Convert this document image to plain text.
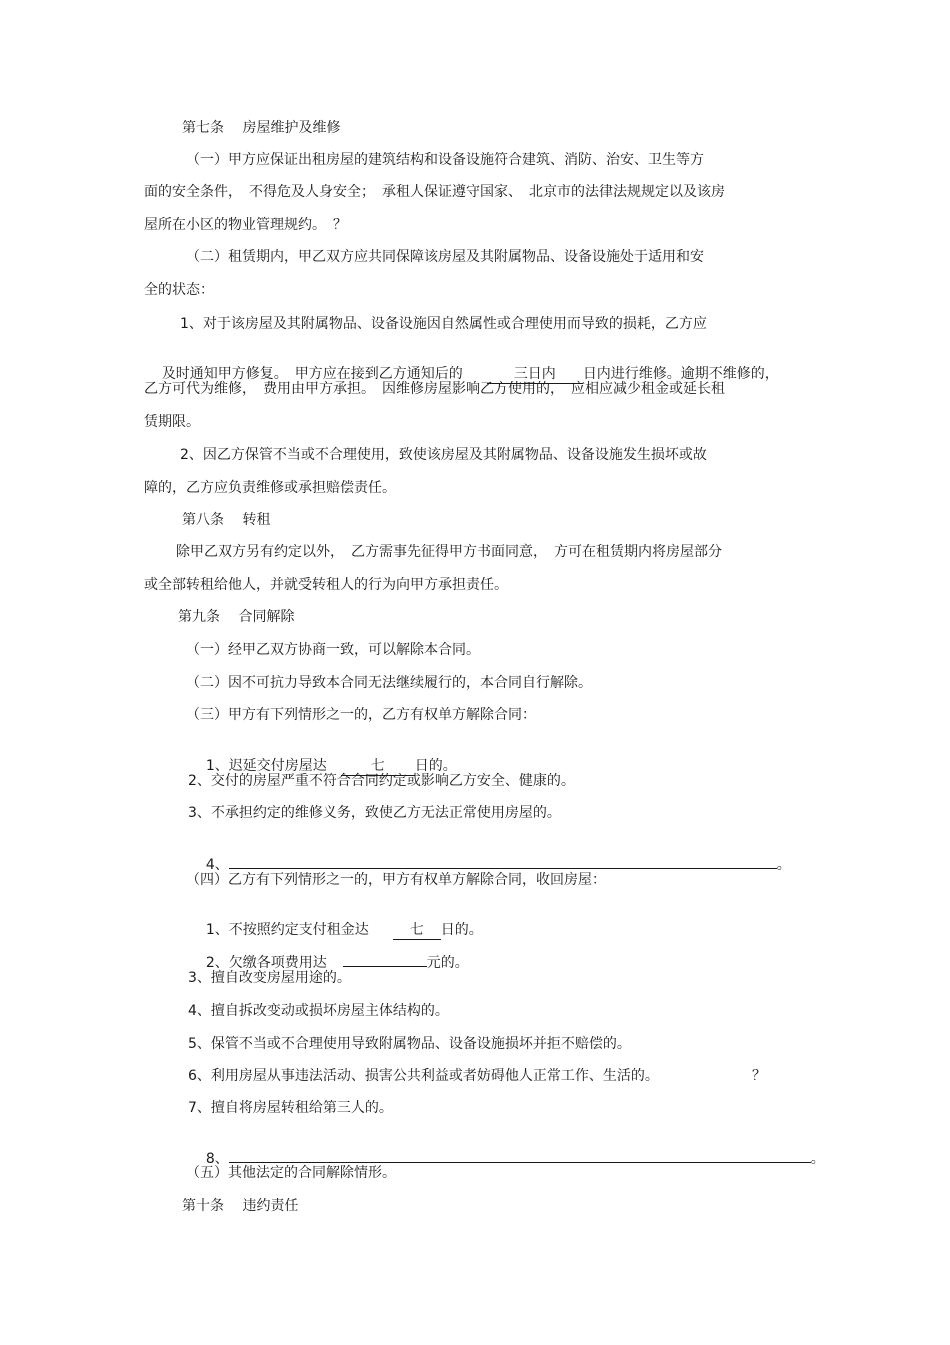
第七条　 房屋维护及维修
（一）甲方应保证出租房屋的建筑结构和设备设施符合建筑、消防、治安、卫生等方
面的安全条件，　不得危及人身安全；　承租人保证遵守国家、　北京市的法律法规规定以及该房
屋所在小区的物业管理规约。　？
（二）租赁期内，甲乙双方应共同保障该房屋及其附属物品、设备设施处于适用和安
全的状态：
1、对于该房屋及其附属物品、设备设施因自然属性或合理使用而导致的损耗，乙方应

及时通知甲方修复。　甲方应在接到乙方通知后的	三日内 日内进行维修。逾期不维修的，

乙方可代为维修，　费用由甲方承担。　因维修房屋影响乙方使用的，　应相应减少租金或延长租
赁期限。
2、因乙方保管不当或不合理使用，致使该房屋及其附属物品、设备设施发生损坏或故
障的，乙方应负责维修或承担赔偿责任。
第八条　 转租
除甲乙双方另有约定以外，　乙方需事先征得甲方书面同意，　方可在租赁期内将房屋部分
或全部转租给他人，并就受转租人的行为向甲方承担责任。
第九条　 合同解除
（一）经甲乙双方协商一致，可以解除本合同。
（二）因不可抗力导致本合同无法继续履行的，本合同自行解除。
（三）甲方有下列情形之一的，乙方有权单方解除合同：

1、迟延交付房屋达	七 日的。

2、交付的房屋严重不符合合同约定或影响乙方安全、健康的。
3、不承担约定的维修义务，致使乙方无法正常使用房屋的。

4、	。

（四）乙方有下列情形之一的，甲方有权单方解除合同，收回房屋：

1、不按照约定支付租金达	七 日的。

2、欠缴各项费用达	元的。

3、擅自改变房屋用途的。
4、擅自拆改变动或损坏房屋主体结构的。
5、保管不当或不合理使用导致附属物品、设备设施损坏并拒不赔偿的。
6、利用房屋从事违法活动、损害公共利益或者妨碍他人正常工作、生活的。	？
7、擅自将房屋转租给第三人的。

8、	。

（五）其他法定的合同解除情形。
第十条　 违约责任
